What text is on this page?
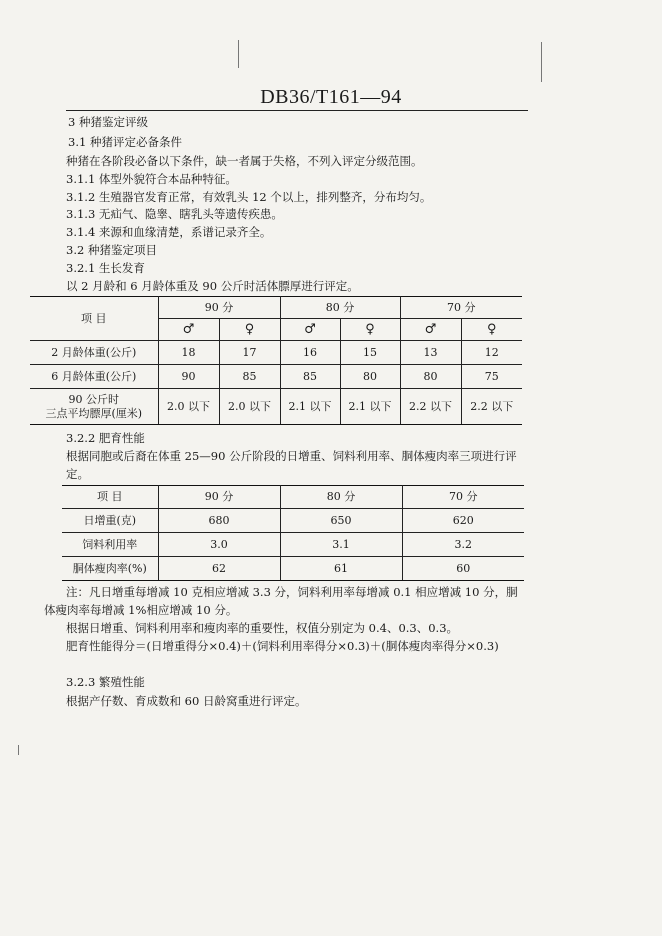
DB36/T161—94
3 种猪鉴定评级
3.1 种猪评定必备条件
种猪在各阶段必备以下条件，缺一者属于失格，不列入评定分级范围。
3.1.1 体型外貌符合本品种特征。
3.1.2 生殖器官发育正常，有效乳头 12 个以上，排列整齐，分布均匀。
3.1.3 无疝气、隐睾、瞎乳头等遗传疾患。
3.1.4 来源和血缘清楚，系谱记录齐全。
3.2 种猪鉴定项目
3.2.1 生长发育
以 2 月龄和 6 月龄体重及 90 公斤时活体膘厚进行评定。
项 目	90 分		80 分		70 分	
	♂	♀	♂	♀	♂	♀
2 月龄体重(公斤)	18	17	16	15	13	12
6 月龄体重(公斤)	90	85	85	80	80	75

90 公斤时
三点平均膘厚(厘米)	2.0 以下	2.0 以下	2.1 以下	2.1 以下	2.2 以下	2.2 以下
3.2.2 肥育性能
根据同胞或后裔在体重 25—90 公斤阶段的日增重、饲料利用率、胴体瘦肉率三项进行评定。
项 目	90 分	80 分	70 分
日增重(克)	680	650	620
饲料利用率	3.0	3.1	3.2
胴体瘦肉率(%)	62	61	60
注：凡日增重每增减 10 克相应增减 3.3 分，饲料利用率每增减 0.1 相应增减 10 分，胴体瘦肉率每增减 1%相应增减 10 分。
根据日增重、饲料利用率和瘦肉率的重要性，权值分别定为 0.4、0.3、0.3。
肥育性能得分＝(日增重得分×0.4)＋(饲料利用率得分×0.3)＋(胴体瘦肉率得分×0.3)
3.2.3 繁殖性能
根据产仔数、育成数和 60 日龄窝重进行评定。
